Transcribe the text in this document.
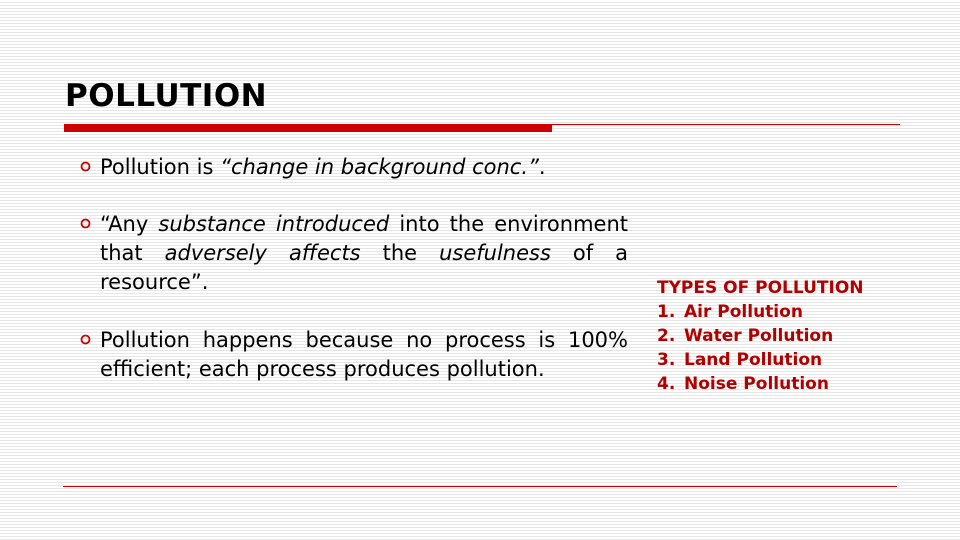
POLLUTION
Pollution is “change in background conc.”.
“Any substance introduced into the environment that adversely affects the usefulness of a resource”.
Pollution happens because no process is 100% efficient; each process produces pollution.
TYPES OF POLLUTION
1. Air Pollution
2. Water Pollution
3. Land Pollution
4. Noise Pollution
